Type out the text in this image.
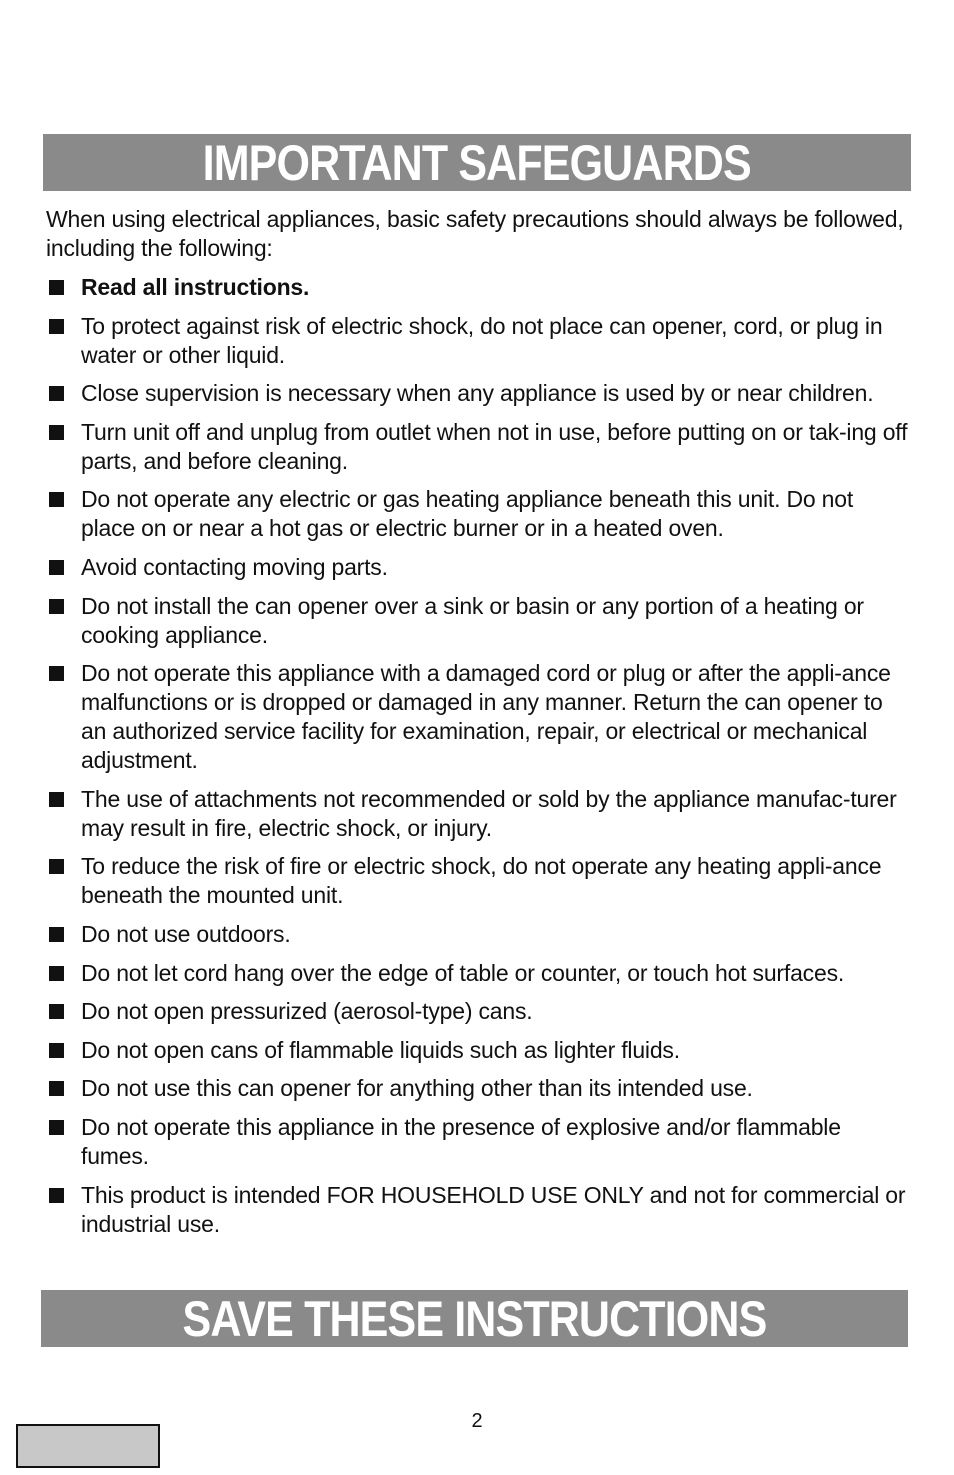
IMPORTANT SAFEGUARDS
When using electrical appliances, basic safety precautions should always be followed, including the following:
Read all instructions.
To protect against risk of electric shock, do not place can opener, cord, or plug in water or other liquid.
Close supervision is necessary when any appliance is used by or near children.
Turn unit off and unplug from outlet when not in use, before putting on or tak-ing off parts, and before cleaning.
Do not operate any electric or gas heating appliance beneath this unit. Do not place on or near a hot gas or electric burner or in a heated oven.
Avoid contacting moving parts.
Do not install the can opener over a sink or basin or any portion of a heating or cooking appliance.
Do not operate this appliance with a damaged cord or plug or after the appli-ance malfunctions or is dropped or damaged in any manner. Return the can opener to an authorized service facility for examination, repair, or electrical or mechanical adjustment.
The use of attachments not recommended or sold by the appliance manufac-turer may result in fire, electric shock, or injury.
To reduce the risk of fire or electric shock, do not operate any heating appli-ance beneath the mounted unit.
Do not use outdoors.
Do not let cord hang over the edge of table or counter, or touch hot surfaces.
Do not open pressurized (aerosol-type) cans.
Do not open cans of flammable liquids such as lighter fluids.
Do not use this can opener for anything other than its intended use.
Do not operate this appliance in the presence of explosive and/or flammable fumes.
This product is intended FOR HOUSEHOLD USE ONLY and not for commercial or industrial use.
SAVE THESE INSTRUCTIONS
2
